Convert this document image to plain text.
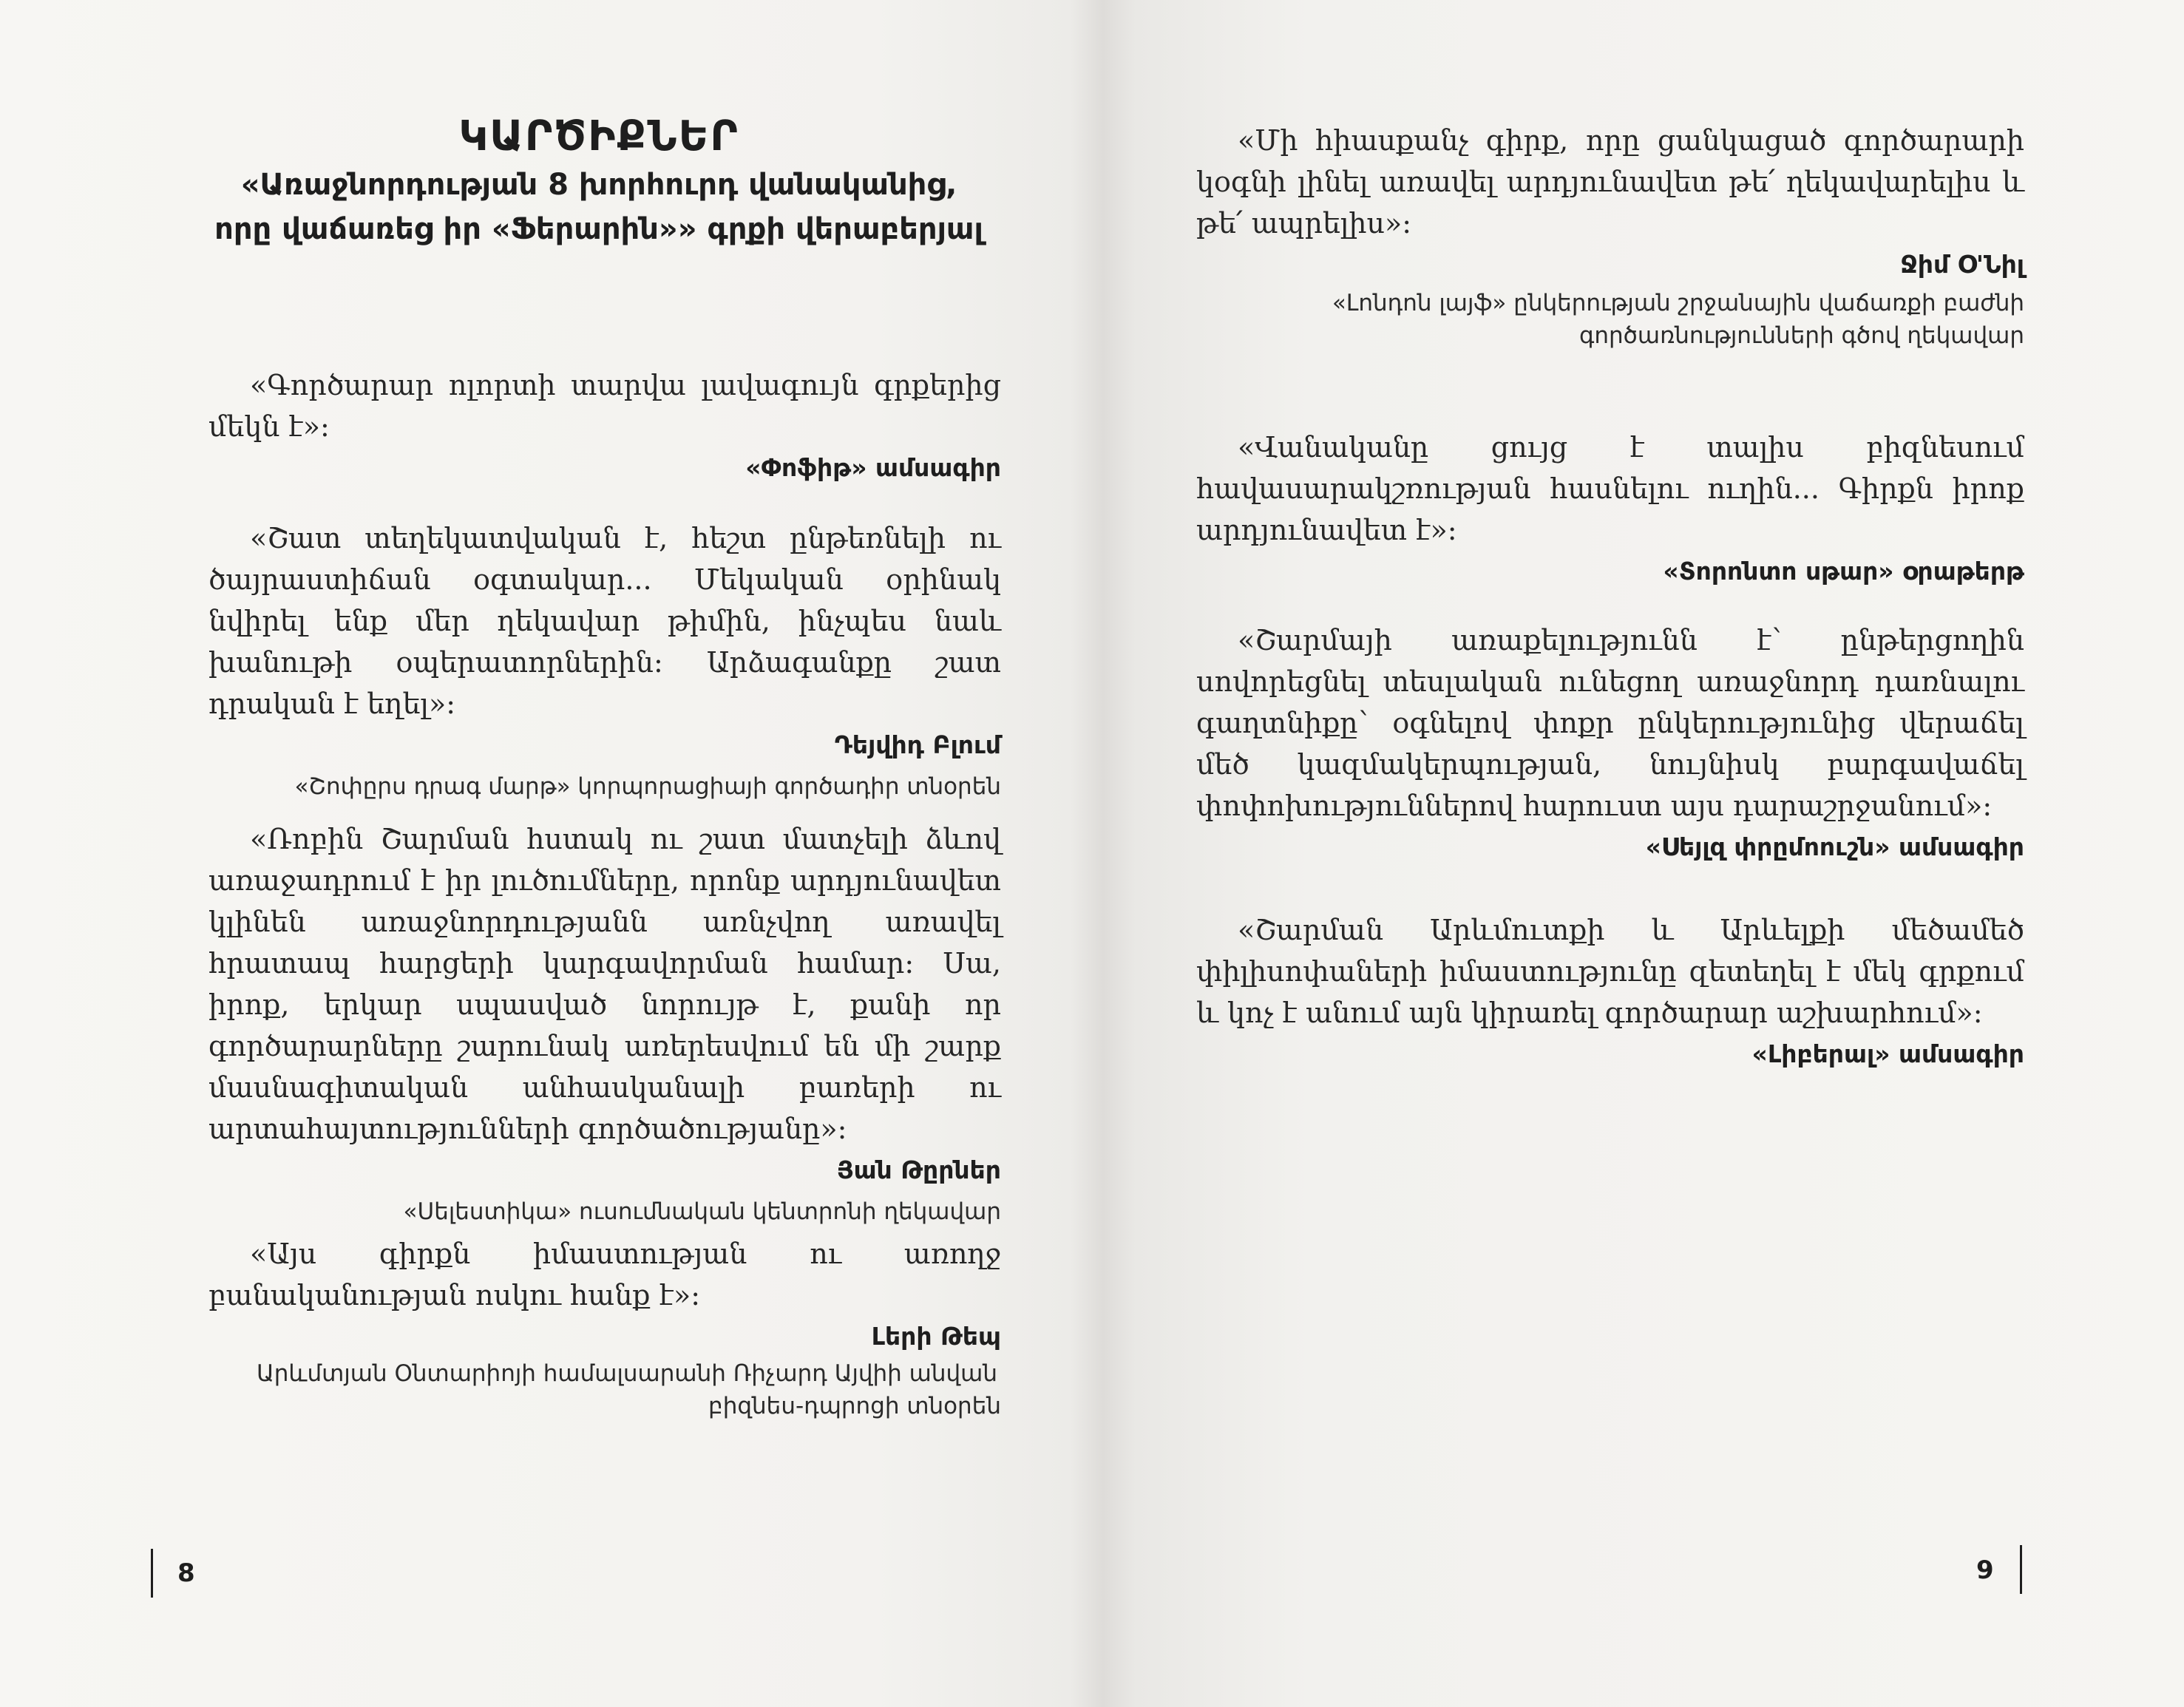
ԿԱՐԾԻՔՆԵՐ
«Առաջնորդության 8 խորհուրդ վանականից,
որը վաճառեց իր «Ֆերարին»» գրքի վերաբերյալ

«Գործարար ոլորտի տարվա լավագույն գրքերից մեկն է»:

«Փոֆիթ» ամսագիր

«Շատ տեղեկատվական է, հեշտ ընթեռնելի ու ծայրաստիճան օգտակար... Մեկական օրինակ նվիրել ենք մեր ղեկավար թիմին, ինչպես նաև խանութի օպերատորներին: Արձագանքը շատ դրական է եղել»:

Դեյվիդ Բլում

«Շոփըրս դրագ մարթ» կորպորացիայի գործադիր տնօրեն

«Ռոբին Շարման հստակ ու շատ մատչելի ձևով առաջադրում է իր լուծումները, որոնք արդյունավետ կլինեն առաջնորդությանն առնչվող առավել հրատապ հարցերի կարգավորման համար: Սա, իրոք, երկար սպասված նորույթ է, քանի որ գործարարները շարունակ առերեսվում են մի շարք մասնագիտական անհասկանալի բառերի ու արտահայտությունների գործածությանը»:

Յան Թըրներ

«Սելեստիկա» ուսումնական կենտրոնի ղեկավար

«Այս գիրքն իմաստության ու առողջ բանականության ոսկու հանք է»:

Լերի Թեպ

Արևմտյան Օնտարիոյի համալսարանի Ռիչարդ Այվիի անվան

բիզնես-դպրոցի տնօրեն

8

«Մի հիասքանչ գիրք, որը ցանկացած գործարարի կօգնի լինել առավել արդյունավետ թե՛ ղեկավարելիս և թե՛ ապրելիս»:

Ջիմ Օ'Նիլ

«Լոնդոն լայֆ» ընկերության շրջանային վաճառքի բաժնի

գործառնությունների գծով ղեկավար

«Վանականը ցույց է տալիս բիզնեսում հավասարակշռության հասնելու ուղին... Գիրքն իրոք արդյունավետ է»:

«Տորոնտո սթար» օրաթերթ

«Շարմայի առաքելությունն է՝ ընթերցողին սովորեցնել տեսլական ունեցող առաջնորդ դառնալու գաղտնիքը՝ օգնելով փոքր ընկերությունից վերաճել մեծ կազմակերպության, նույնիսկ բարգավաճել փոփոխություններով հարուստ այս դարաշրջանում»:

«Սեյլզ փրըմոուշն» ամսագիր

«Շարման Արևմուտքի և Արևելքի մեծամեծ փիլիսոփաների իմաստությունը զետեղել է մեկ գրքում և կոչ է անում այն կիրառել գործարար աշխարհում»:

«Լիբերալ» ամսագիր

9
